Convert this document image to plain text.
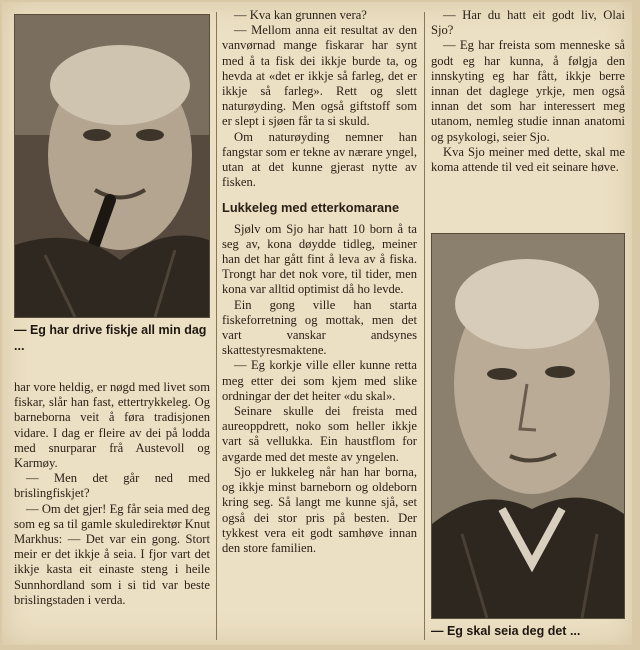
— Eg har drive fiskje all min dag ...

har vore heldig, er nøgd med livet som fiskar, slår han fast, ettertrykkeleg. Og barneborna veit å føra tradisjonen vidare. I dag er fleire av dei på lodda med snurparar frå Austevoll og Karmøy.

— Men det går ned med brislingfiskjet?

— Om det gjer! Eg får seia med deg som eg sa til gamle skuledirektør Knut Markhus: — Det var ein gong. Stort meir er det ikkje å seia. I fjor vart det ikkje kasta eit einaste steng i heile Sunnhordland som i si tid var beste brislingstaden i verda.

— Kva kan grunnen vera?

— Mellom anna eit resultat av den vanvørnad mange fiskarar har synt med å ta fisk dei ikkje burde ta, og hevda at «det er ikkje så farleg, det er ikkje så farleg». Rett og slett naturøyding. Men også giftstoff som er slept i sjøen får ta si skuld.

Om naturøyding nemner han fangstar som er tekne av nærare yngel, utan at det kunne gjerast nytte av fisken.

Lukkeleg med etterkomarane

Sjølv om Sjo har hatt 10 born å ta seg av, kona døydde tidleg, meiner han det har gått fint å leva av å fiska. Trongt har det nok vore, til tider, men kona var alltid optimist då ho levde.

Ein gong ville han starta fiskeforretning og mottak, men det vart vanskar andsynes skattestyresmaktene.

— Eg korkje ville eller kunne retta meg etter dei som kjem med slike ordningar der det heiter «du skal».

Seinare skulle dei freista med aureoppdrett, noko som heller ikkje vart så vellukka. Ein haustflom for avgarde med det meste av yngelen.

Sjo er lukkeleg når han har borna, og ikkje minst barneborn og oldeborn kring seg. Så langt me kunne sjå, set også dei stor pris på besten. Der tykkest vera eit godt samhøve innan den store familien.

— Har du hatt eit godt liv, Olai Sjo?

— Eg har freista som menneske så godt eg har kunna, å følgja den innskyting eg har fått, ikkje berre innan det daglege yrkje, men også innan det som har interessert meg utanom, nemleg studie innan anatomi og psykologi, seier Sjo.

Kva Sjo meiner med dette, skal me koma attende til ved eit seinare høve.

— Eg skal seia deg det ...
